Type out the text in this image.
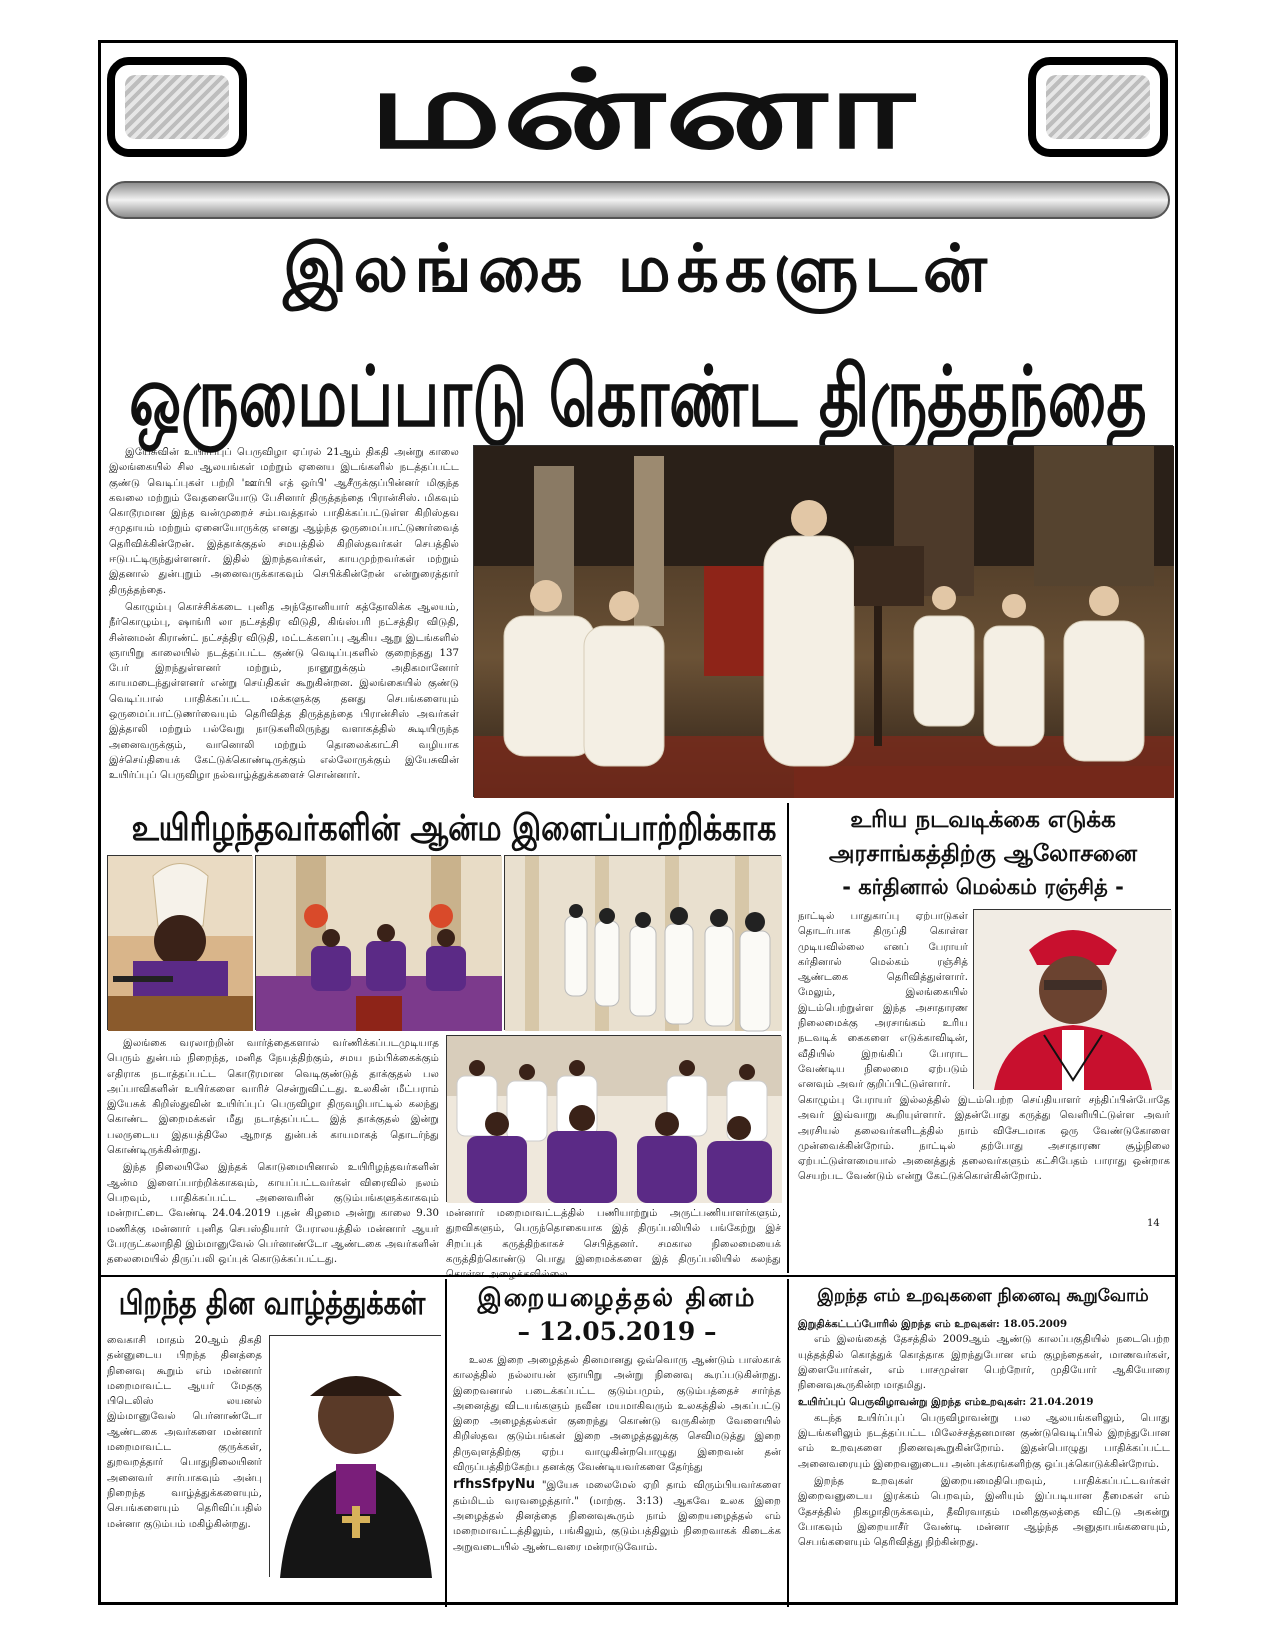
மன்னா
இலங்கை மக்களுடன்
ஒருமைப்பாடு கொண்ட திருத்தந்தை

இயேசுவின் உயிர்ப்புப் பெருவிழா ஏப்ரல் 21ஆம் திகதி அன்று காலை இலங்கையில் சில ஆலயங்கள் மற்றும் ஏனைய இடங்களில் நடத்தப்பட்ட குண்டு வெடிப்புகள் பற்றி 'ஊர்பி எத் ஒர்பி' ஆசீருக்குப்பின்னர் மிகுந்த கவலை மற்றும் வேதனையோடு பேசினார் திருத்தந்தை பிரான்சிஸ். மிகவும் கொடூரமான இந்த வன்முறைச் சம்பவத்தால் பாதிக்கப்பட்டுள்ள கிறிஸ்தவ சமுதாயம் மற்றும் ஏனையோருக்கு எனது ஆழ்ந்த ஒருமைப்பாட்டுணர்வைத் தெரிவிக்கின்றேன். இத்தாக்குதல் சமயத்தில் கிறிஸ்தவர்கள் செபத்தில் ஈடுபட்டிருந்துள்ளனர். இதில் இறந்தவர்கள், காயமுற்றவர்கள் மற்றும் இதனால் துன்புறும் அனைவருக்காகவும் செபிக்கின்றேன் என்றுரைத்தார் திருத்தந்தை.

கொழும்பு கொச்சிக்கடை புனித அந்தோனியார் கத்தோலிக்க ஆலயம், நீர்கொழும்பு, ஷாங்ரி லா நட்சத்திர விடுதி, கிங்ஸ்பரி நட்சத்திர விடுதி, சின்னமன் கிராண்ட் நட்சத்திர விடுதி, மட்டக்களப்பு ஆகிய ஆறு இடங்களில் ஞாயிறு காலையில் நடத்தப்பட்ட குண்டு வெடிப்புகளில் குறைந்தது 137 பேர் இறந்துள்ளனர் மற்றும், நானூறுக்கும் அதிகமானோர் காயமடைந்துள்ளனர் என்று செய்திகள் கூறுகின்றன. இலங்கையில் குண்டு வெடிப்பால் பாதிக்கப்பட்ட மக்களுக்கு தனது செபங்களையும் ஒருமைப்பாட்டுணர்வையும் தெரிவித்த திருத்தந்தை பிரான்சிஸ் அவர்கள் இத்தாலி மற்றும் பல்வேறு நாடுகளிலிருந்து வளாகத்தில் கூடியிருந்த அனைவருக்கும், வானொலி மற்றும் தொலைக்காட்சி வழியாக இச்செய்தியைக் கேட்டுக்கொண்டிருக்கும் எல்லோருக்கும் இயேசுவின் உயிர்ப்புப் பெருவிழா நல்வாழ்த்துக்களைச் சொன்னார்.

உயிரிழந்தவர்களின் ஆன்ம இளைப்பாற்றிக்காக

இலங்கை வரலாற்றின் வார்த்தைகளால் வர்ணிக்கப்படமுடியாத பெரும் துன்பம் நிறைந்த, மனித நேயத்திற்கும், சமய நம்பிக்கைக்கும் எதிராக நடாத்தப்பட்ட கொடூரமான வெடிகுண்டுத் தாக்குதல் பல அப்பாவிகளின் உயிர்களை வாரிச் சென்றுவிட்டது. உலகின் மீட்பராம் இயேசுக் கிறிஸ்துவின் உயிர்ப்புப் பெருவிழா திருவழிபாட்டில் கலந்து கொண்ட இறைமக்கள் மீது நடாத்தப்பட்ட இத் தாக்குதல் இன்று பலருடைய இதயத்திலே ஆறாத துன்பக் காயமாகத் தொடர்ந்து கொண்டிருக்கின்றது.

இந்த நிலையிலே இந்தக் கொடுமையினால் உயிரிழந்தவர்களின் ஆன்ம இளைப்பாற்றிக்காகவும், காயப்பட்டவர்கள் விரைவில் நலம் பெறவும், பாதிக்கப்பட்ட அனைவரின் குடும்பங்களுக்காகவும் மன்றாட்டை வேண்டி 24.04.2019 புதன் கிழமை அன்று காலை 9.30 மணிக்கு மன்னார் புனித செபஸ்தியார் பேராலயத்தில் மன்னார் ஆயர் பேரருட்கலாநிதி இம்மானுவேல் பெர்னாண்டோ ஆண்டகை அவர்களின் தலைமையில் திருப்பலி ஒப்புக் கொடுக்கப்பட்டது.

மன்னார் மறைமாவட்டத்தில் பணியாற்றும் அருட்பணியாளர்களும், துறவிகளும், பெருந்தொகையாக இத் திருப்பலியில் பங்கேற்று இச் சிறப்புக் கருத்திற்காகச் செபித்தனர். சமகால நிலைமையைக் கருத்திற்கொண்டு பொது இறைமக்களை இத் திருப்பலியில் கலந்து
உரிய நடவடிக்கை எடுக்க
அரசாங்கத்திற்கு ஆலோசனை
- கர்தினால் மெல்கம் ரஞ்சித் -
நாட்டில் பாதுகாப்பு ஏற்பாடுகள் தொடர்பாக திருப்தி கொள்ள முடியவில்லை எனப் பேராயர் கர்தினால் மெல்கம் ரஞ்சித் ஆண்டகை தெரிவித்துள்ளார். மேலும், இலங்கையில் இடம்பெற்றுள்ள இந்த அசாதாரண நிலைமைக்கு அரசாங்கம் உரிய நடவடிக் கைகளை எடுக்காவிடின், வீதியில் இறங்கிப் போராட வேண்டிய நிலைமை ஏற்படும் எனவும் அவர் குறிப்பிட்டுள்ளார்.
கொழும்பு பேராயர் இல்லத்தில் இடம்பெற்ற செய்தியாளர் சந்திப்பின்போதே அவர் இவ்வாறு கூறியுள்ளார். இதன்போது கருத்து வெளியிட்டுள்ள அவர் அரசியல் தலைவர்களிடத்தில் நாம் விசேடமாக ஒரு வேண்டுகோளை முன்வைக்கின்றோம். நாட்டில் தற்போது அசாதாரண சூழ்நிலை ஏற்பட்டுள்ளமையால் அனைத்துத் தலைவர்களும் கட்சிபேதம் பாராது ஒன்றாக செயற்பட வேண்டும் என்று கேட்டுக்கொள்கின்றோம்.
14
பிறந்த தின வாழ்த்துக்கள்
வைகாசி மாதம் 20ஆம் திகதி தன்னுடைய பிறந்த தினத்தை நினைவு கூறும் எம் மன்னார் மறைமாவட்ட ஆயர் மேதகு பிடெலிஸ் லயனல் இம்மானுவேல் பெர்னாண்டோ ஆண்டகை அவர்களை மன்னார் மறைமாவட்ட குருக்கள், துறவறத்தார் பொதுநிலையினர் அனைவர் சார்பாகவும் அன்பு நிறைந்த வாழ்த்துக்களையும், செபங்களையும் தெரிவிப்பதில் மன்னா குடும்பம் மகிழ்கின்றது.
இறையழைத்தல் தினம்
– 12.05.2019 –

உலக இறை அழைத்தல் தினமானது ஒவ்வொரு ஆண்டும் பாஸ்காக் காலத்தில் நல்லாயன் ஞாயிறு அன்று நினைவு கூரப்படுகின்றது. இறைவனால் படைக்கப்பட்ட குடும்பமும், குடும்பத்தைச் சார்ந்த அனைத்து விடயங்களும் நவீன மயமாகிவரும் உலகத்தில் அகப்பட்டு இறை அழைத்தல்கள் குறைந்து கொண்டு வருகின்ற வேளையில் கிறிஸ்தவ குடும்பங்கள் இறை அழைத்தலுக்கு செவிமடுத்து இறை திருவுளத்திற்கு ஏற்ப வாழுகின்றபொழுது இறைவன் தன் விருப்பத்திற்கேற்ப தனக்கு வேண்டியவர்களை தேர்ந்து

rfhsSfpyNu "இயேசு மலைமேல் ஏறி தாம் விரும்பியவர்களை தம்மிடம் வரவழைத்தார்." (மாற்கு. 3:13) ஆகவே உலக இறை அழைத்தல் தினத்தை நினைவுகூரும் நாம் இறையழைத்தல் எம் மறைமாவட்டத்திலும், பங்கிலும், குடும்பத்திலும் நிறைவாகக் கிடைக்க அறுவடையில் ஆண்டவரை மன்றாடுவோம்.

இறந்த எம் உறவுகளை நினைவு கூறுவோம்
இறுதிக்கட்டப்போரில் இறந்த எம் உறவுகள்: 18.05.2009

எம் இலங்கைத் தேசத்தில் 2009ஆம் ஆண்டு காலப்பகுதியில் நடைபெற்ற யுத்தத்தில் கொத்துக் கொத்தாக இறந்துபோன எம் குழந்தைகள், மாணவர்கள், இளையோர்கள், எம் பாசமுள்ள பெற்றோர், முதியோர் ஆகியோரை நினைவுகூருகின்ற மாதமிது.

உயிர்ப்புப் பெருவிழாவன்று இறந்த எம்உறவுகள்: 21.04.2019

கடந்த உயிர்ப்புப் பெருவிழாவன்று பல ஆலயங்களிலும், பொது இடங்களிலும் நடத்தப்பட்ட மிலேச்சத்தனமான குண்டுவெடிப்பில் இறந்துபோன எம் உறவுகளை நினைவுகூறுகின்றோம். இதன்பொழுது பாதிக்கப்பட்ட அனைவரையும் இறைவனுடைய அன்புக்கரங்களிற்கு ஒப்புக்கொடுக்கின்றோம்.

இறந்த உறவுகள் இறையமைதிபெறவும், பாதிக்கப்பட்டவர்கள் இறைவனுடைய இரக்கம் பெறவும், இனியும் இப்படியான தீமைகள் எம் தேசத்தில் நிகழாதிருக்கவும், தீவிரவாதம் மனிதகுலத்தை விட்டு அகன்று போகவும் இறையாசீர் வேண்டி மன்னா ஆழ்ந்த அனுதாபங்களையும், செபங்களையும் தெரிவித்து நிற்கின்றது.
